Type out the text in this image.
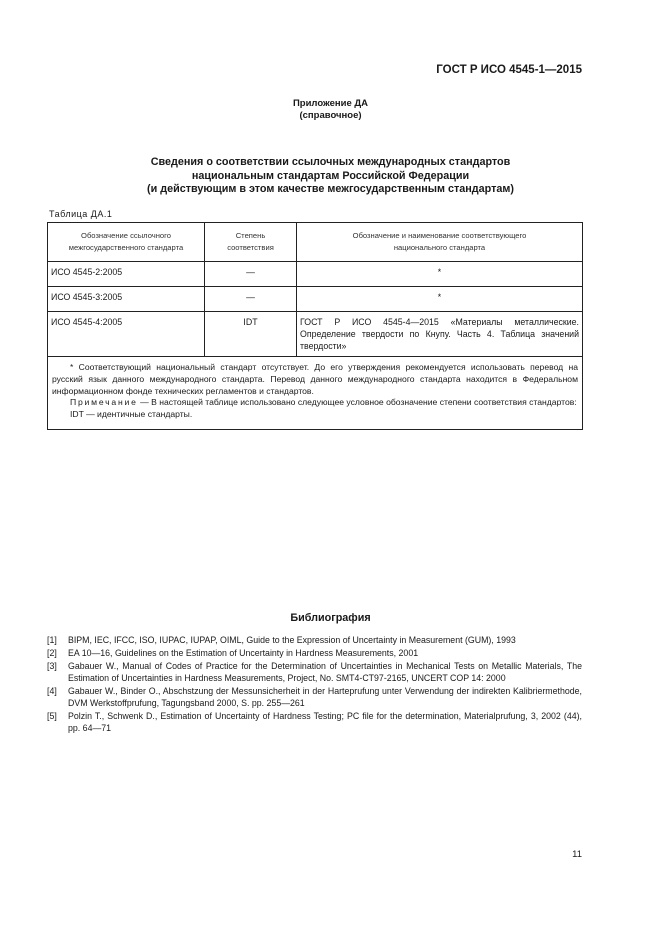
ГОСТ Р ИСО 4545-1—2015
Приложение ДА
(справочное)
Сведения о соответствии ссылочных международных стандартов
национальным стандартам Российской Федерации
(и действующим в этом качестве межгосударственным стандартам)
Таблица ДА.1
Обозначение ссылочного межгосударственного стандарта	Степень соответствия	Обозначение и наименование соответствующего национального стандарта
ИСО 4545-2:2005	—	*
ИСО 4545-3:2005	—	*
ИСО 4545-4:2005	IDT	ГОСТ Р ИСО 4545-4—2015 «Материалы металлические. Определение твердости по Кнупу. Часть 4. Таблица значений твердости»

* Соответствующий национальный стандарт отсутствует. До его утверждения рекомендуется использовать перевод на русский язык данного международного стандарта. Перевод данного международного стандарта находится в Федеральном информационном фонде технических регламентов и стандартов.

Примечание — В настоящей таблице использовано следующее условное обозначение степени соответствия стандартов:

IDT — идентичные стандарты.		

Библиография
[1]	BIPM, IEC, IFCC, ISO, IUPAC, IUPAP, OIML, Guide to the Expression of Uncertainty in Measurement (GUM), 1993
[2]	EA 10—16, Guidelines on the Estimation of Uncertainty in Hardness Measurements, 2001
[3]	Gabauer W., Manual of Codes of Practice for the Determination of Uncertainties in Mechanical Tests on Metallic Materials, The Estimation of Uncertainties in Hardness Measurements, Project, No. SMT4-CT97-2165, UNCERT COP 14: 2000
[4]	Gabauer W., Binder O., Abschstzung der Messunsicherheit in der Harteprufung unter Verwendung der indirekten Kalibriermethode, DVM Werkstoffprufung, Tagungsband 2000, S. pp. 255—261
[5]	Polzin T., Schwenk D., Estimation of Uncertainty of Hardness Testing; PC file for the determination, Materialprufung, 3, 2002 (44), pp. 64—71
11
